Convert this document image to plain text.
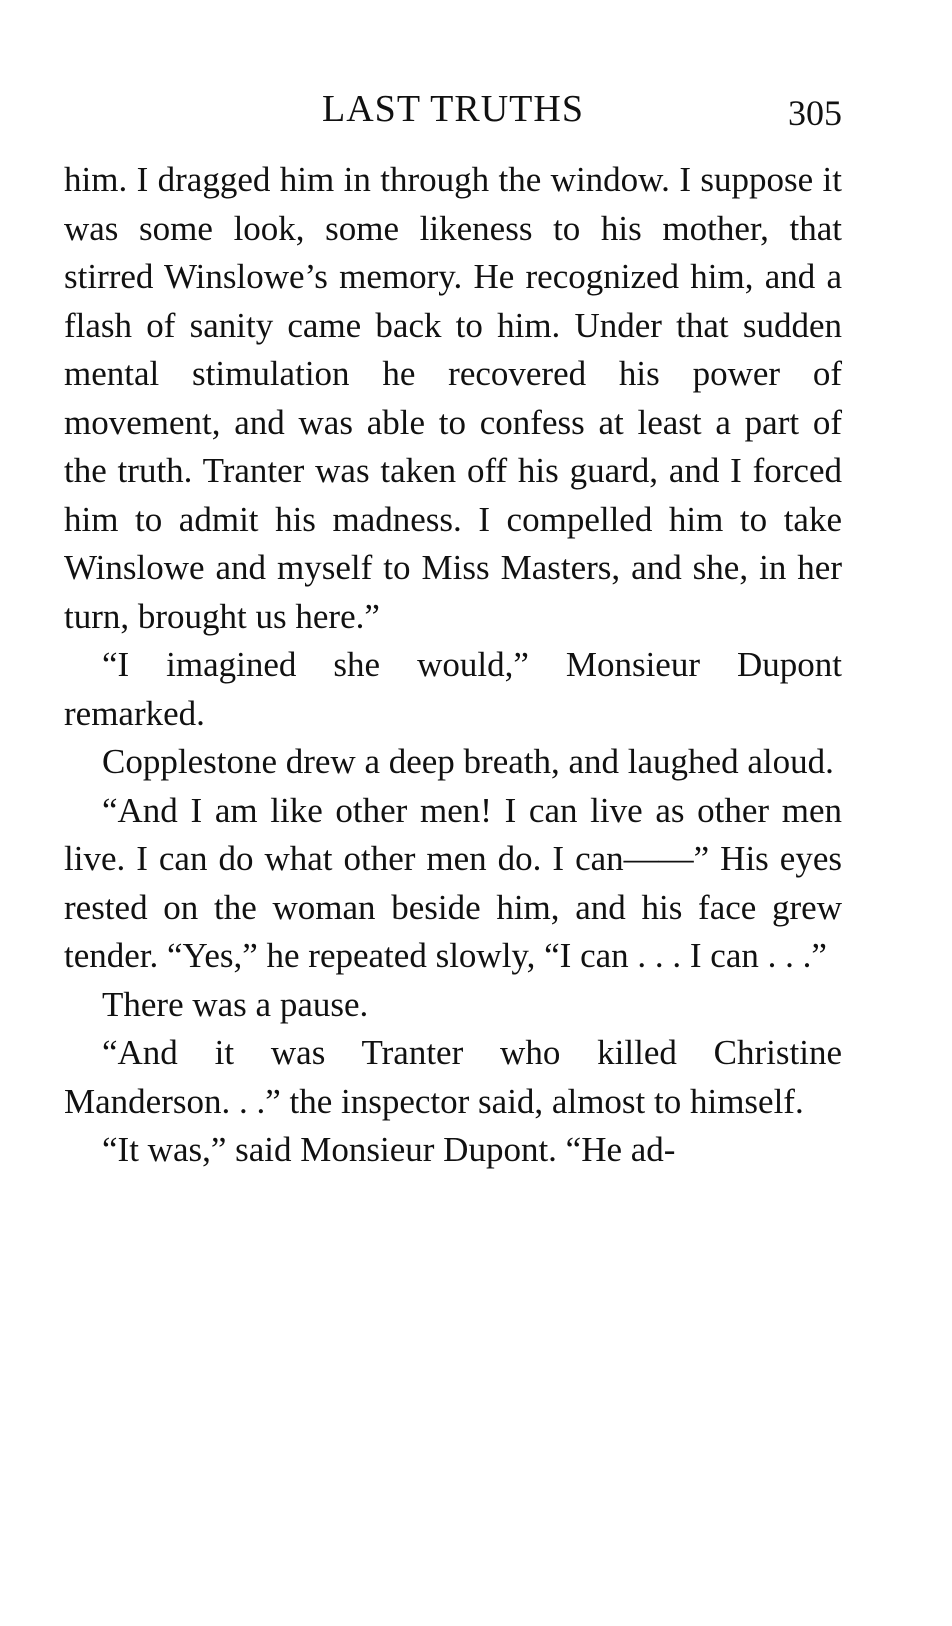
LAST TRUTHS	305

him. I dragged him in through the window. I suppose it was some look, some likeness to his mother, that stirred Winslowe’s memory. He recognized him, and a flash of sanity came back to him. Under that sudden mental stimulation he recovered his power of movement, and was able to confess at least a part of the truth. Tranter was taken off his guard, and I forced him to admit his madness. I compelled him to take Winslowe and myself to Miss Masters, and she, in her turn, brought us here.”

“I imagined she would,” Monsieur Dupont remarked.

Copplestone drew a deep breath, and laughed aloud.

“And I am like other men! I can live as other men live. I can do what other men do. I can——” His eyes rested on the woman beside him, and his face grew tender. “Yes,” he repeated slowly, “I can . . . I can . . .”

There was a pause.

“And it was Tranter who killed Christine Manderson. . .” the inspector said, almost to himself.

“It was,” said Monsieur Dupont. “He ad-
